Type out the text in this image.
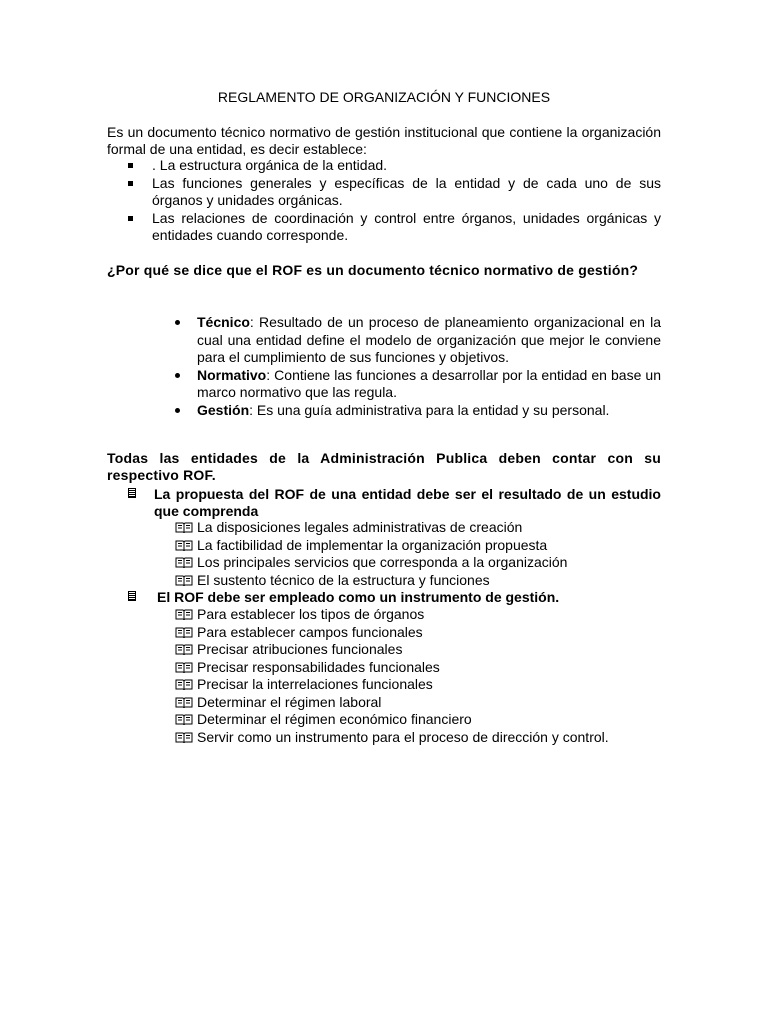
REGLAMENTO DE ORGANIZACIÓN Y FUNCIONES

Es un documento técnico normativo de gestión institucional que contiene la organización formal de una entidad, es decir establece:

. La estructura orgánica de la entidad.
Las funciones generales y específicas de la entidad y de cada uno de sus órganos y unidades orgánicas.
Las relaciones de coordinación y control entre órganos, unidades orgánicas y entidades cuando corresponde.

¿Por qué se dice que el ROF es un documento técnico normativo de gestión?

Técnico: Resultado de un proceso de planeamiento organizacional en la cual una entidad define el modelo de organización que mejor le conviene para el cumplimiento de sus funciones y objetivos.
Normativo: Contiene las funciones a desarrollar por la entidad en base un marco normativo que las regula.
Gestión: Es una guía administrativa para la entidad y su personal.

Todas las entidades de la Administración Publica deben contar con su respectivo ROF.

La propuesta del ROF de una entidad debe ser el resultado de un estudio que comprenda
La disposiciones legales administrativas de creación
La factibilidad de implementar la organización propuesta
Los principales servicios que corresponda a la organización
El sustento técnico de la estructura y funciones
El ROF debe ser empleado como un instrumento de gestión.
Para establecer los tipos de órganos
Para establecer campos funcionales
Precisar atribuciones funcionales
Precisar responsabilidades funcionales
Precisar la interrelaciones funcionales
Determinar el régimen laboral
Determinar el régimen económico financiero
Servir como un instrumento para el proceso de dirección y control.
